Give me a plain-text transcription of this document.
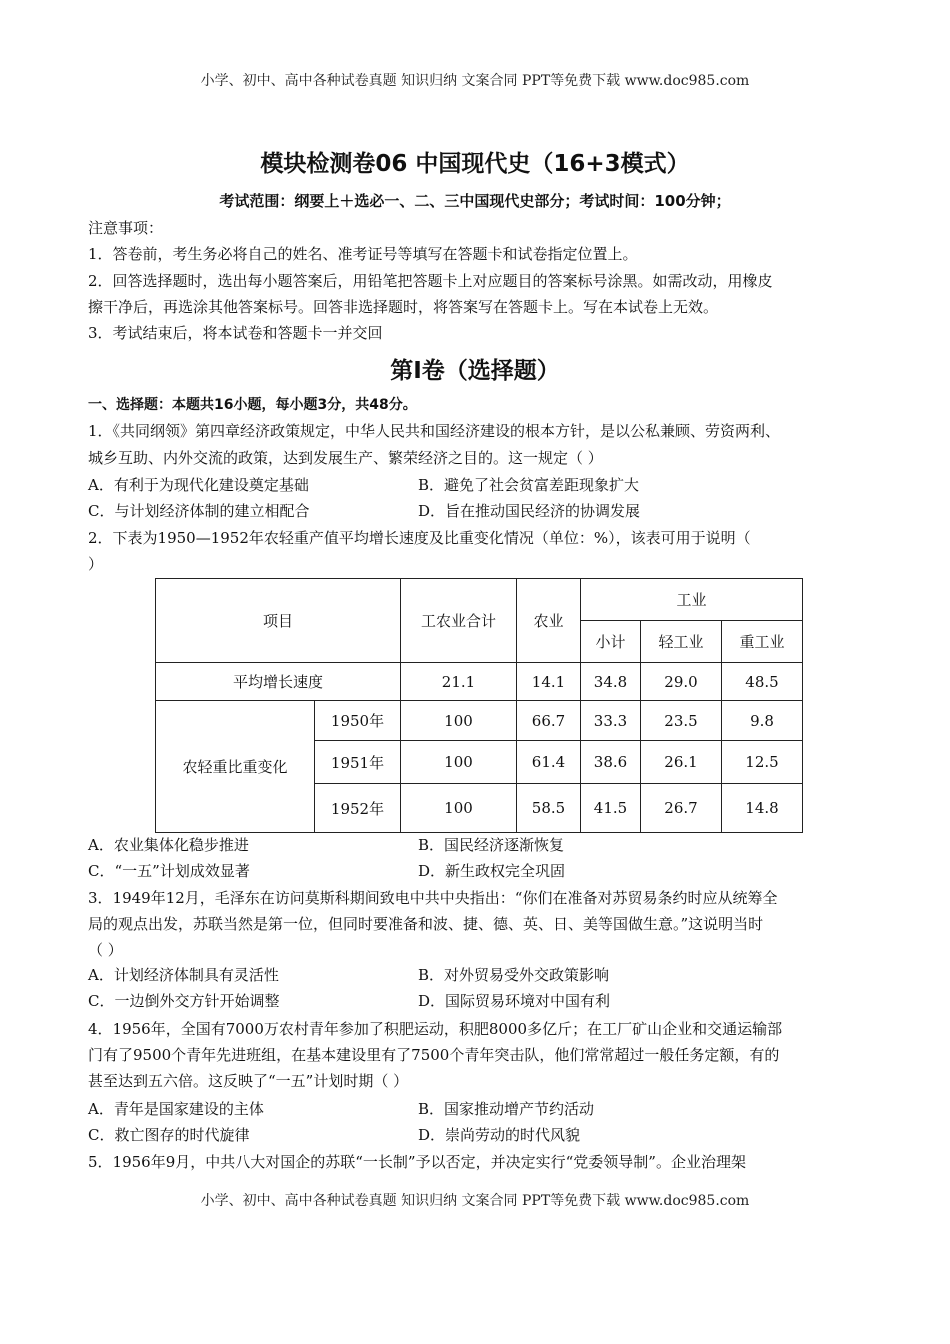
小学、初中、高中各种试卷真题 知识归纳 文案合同 PPT等免费下载 www.doc985.com
模块检测卷06 中国现代史（16+3模式）
考试范围：纲要上＋选必一、二、三中国现代史部分；考试时间：100分钟；
注意事项：
1．答卷前，考生务必将自己的姓名、准考证号等填写在答题卡和试卷指定位置上。
2．回答选择题时，选出每小题答案后，用铅笔把答题卡上对应题目的答案标号涂黑。如需改动，用橡皮
擦干净后，再选涂其他答案标号。回答非选择题时，将答案写在答题卡上。写在本试卷上无效。
3．考试结束后，将本试卷和答题卡一并交回
第I卷（选择题）
一、选择题：本题共16小题，每小题3分，共48分。
1．《共同纲领》第四章经济政策规定，中华人民共和国经济建设的根本方针，是以公私兼顾、劳资两利、
城乡互助、内外交流的政策，达到发展生产、繁荣经济之目的。这一规定（ ）
A．有利于为现代化建设奠定基础	B．避免了社会贫富差距现象扩大
C．与计划经济体制的建立相配合	D．旨在推动国民经济的协调发展
2．下表为1950—1952年农轻重产值平均增长速度及比重变化情况（单位：%），该表可用于说明（
）
项目		工农业合计	农业	工业		
				小计	轻工业	重工业
平均增长速度		21.1	14.1	34.8	29.0	48.5
农轻重比重变化	1950年	100	66.7	33.3	23.5	9.8
	1951年	100	61.4	38.6	26.1	12.5
	1952年	100	58.5	41.5	26.7	14.8
A．农业集体化稳步推进	B．国民经济逐渐恢复
C．“一五”计划成效显著	D．新生政权完全巩固
3．1949年12月，毛泽东在访问莫斯科期间致电中共中央指出：“你们在准备对苏贸易条约时应从统筹全
局的观点出发，苏联当然是第一位，但同时要准备和波、捷、德、英、日、美等国做生意。”这说明当时
（ ）
A．计划经济体制具有灵活性	B．对外贸易受外交政策影响
C．一边倒外交方针开始调整	D．国际贸易环境对中国有利
4．1956年，全国有7000万农村青年参加了积肥运动，积肥8000多亿斤；在工厂矿山企业和交通运输部
门有了9500个青年先进班组，在基本建设里有了7500个青年突击队，他们常常超过一般任务定额，有的
甚至达到五六倍。这反映了“一五”计划时期（ ）
A．青年是国家建设的主体	B．国家推动增产节约活动
C．救亡图存的时代旋律	D．崇尚劳动的时代风貌
5．1956年9月，中共八大对国企的苏联“一长制”予以否定，并决定实行“党委领导制”。企业治理架
小学、初中、高中各种试卷真题 知识归纳 文案合同 PPT等免费下载 www.doc985.com
